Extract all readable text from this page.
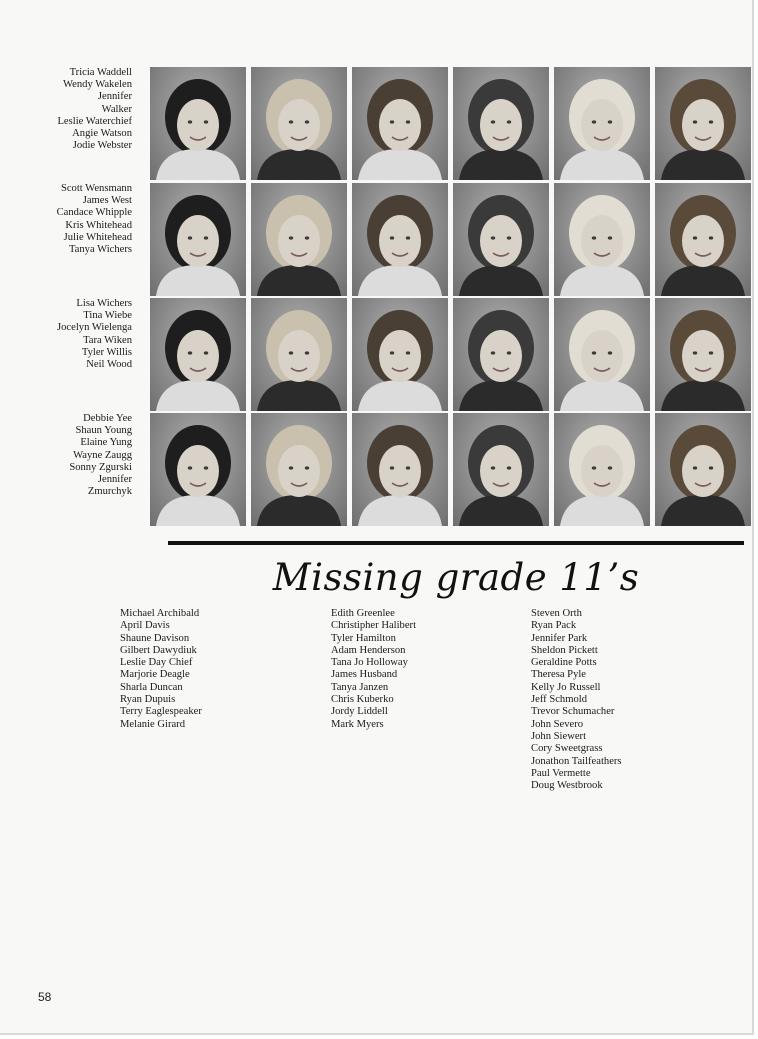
Tricia Waddell
Wendy Wakelen
Jennifer
Walker
Leslie Waterchief
Angie Watson
Jodie Webster
Scott Wensmann
James West
Candace Whipple
Kris Whitehead
Julie Whitehead
Tanya Wichers
Lisa Wichers
Tina Wiebe
Jocelyn Wielenga
Tara Wiken
Tyler Willis
Neil Wood
Debbie Yee
Shaun Young
Elaine Yung
Wayne Zaugg
Sonny Zgurski
Jennifer
Zmurchyk
Missing grade 11’s
Michael Archibald
April Davis
Shaune Davison
Gilbert Dawydiuk
Leslie Day Chief
Marjorie Deagle
Sharla Duncan
Ryan Dupuis
Terry Eaglespeaker
Melanie Girard
Edith Greenlee
Christipher Halibert
Tyler Hamilton
Adam Henderson
Tana Jo Holloway
James Husband
Tanya Janzen
Chris Kuberko
Jordy Liddell
Mark Myers
Steven Orth
Ryan Pack
Jennifer Park
Sheldon Pickett
Geraldine Potts
Theresa Pyle
Kelly Jo Russell
Jeff Schmold
Trevor Schumacher
John Severo
John Siewert
Cory Sweetgrass
Jonathon Tailfeathers
Paul Vermette
Doug Westbrook
58
